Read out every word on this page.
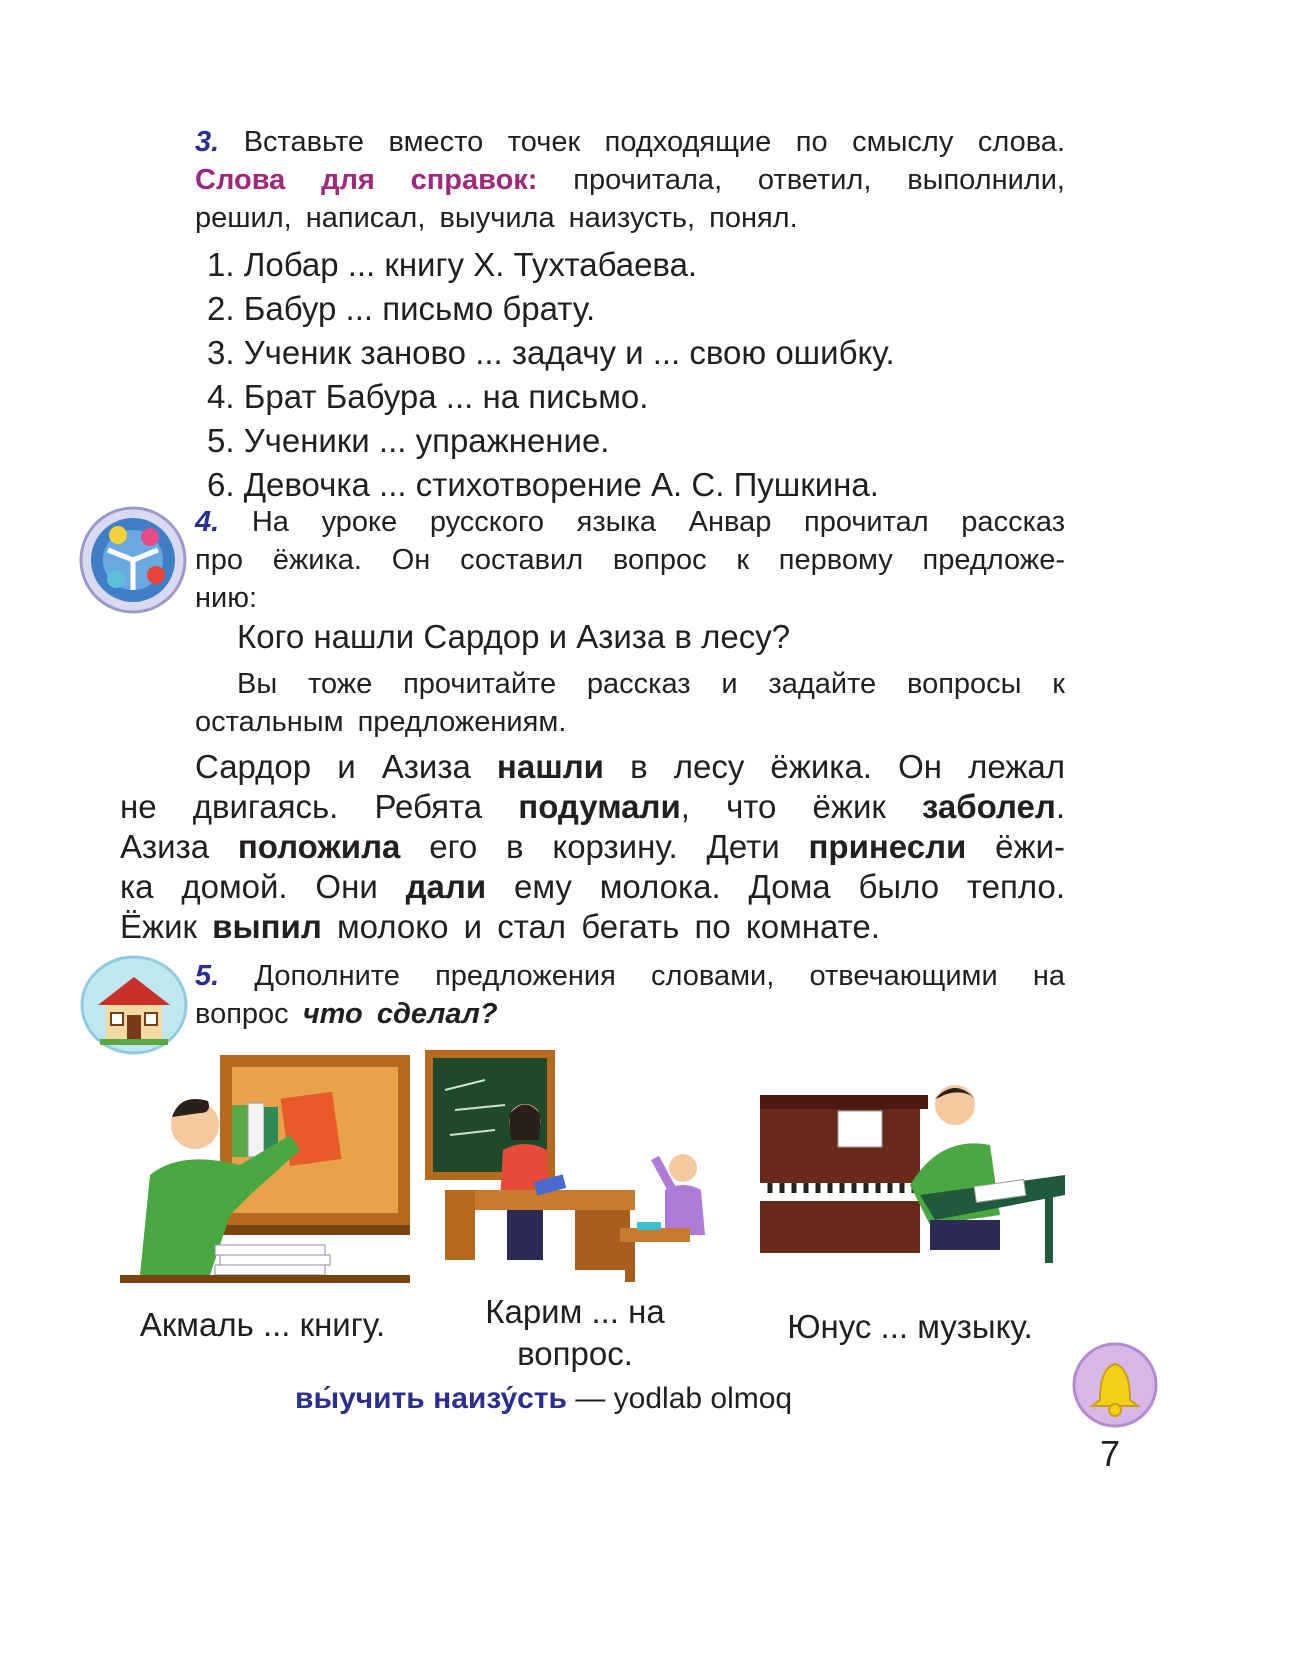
3. Вставьте вместо точек подходящие по смыслу слова.
Слова для справок: прочитала, ответил, выполнили,
решил, написал, выучила наизусть, понял.
1. Лобар ... книгу Х. Тухтабаева.
2. Бабур ... письмо брату.
3. Ученик заново ... задачу и ... свою ошибку.
4. Брат Бабура ... на письмо.
5. Ученики ... упражнение.
6. Девочка ... стихотворение А. С. Пушкина.
4. На уроке русского языка Анвар прочитал рассказ
про ёжика. Он составил вопрос к первому предложе-
нию:
Кого нашли Сардор и Азиза в лесу?
Вы тоже прочитайте рассказ и задайте вопросы к
остальным предложениям.
Сардор и Азиза нашли в лесу ёжика. Он лежал
не двигаясь. Ребята подумали, что ёжик заболел.
Азиза положила его в корзину. Дети принесли ёжи-
ка домой. Они дали ему молока. Дома было тепло.
Ёжик выпил молоко и стал бегать по комнате.
5. Дополните предложения словами, отвечающими на
вопрос что сделал?
Акмаль ... книгу.	Карим ... на
вопрос.
Юнус ... музыку.
вы́учить наизу́сть — yodlab olmoq
7
